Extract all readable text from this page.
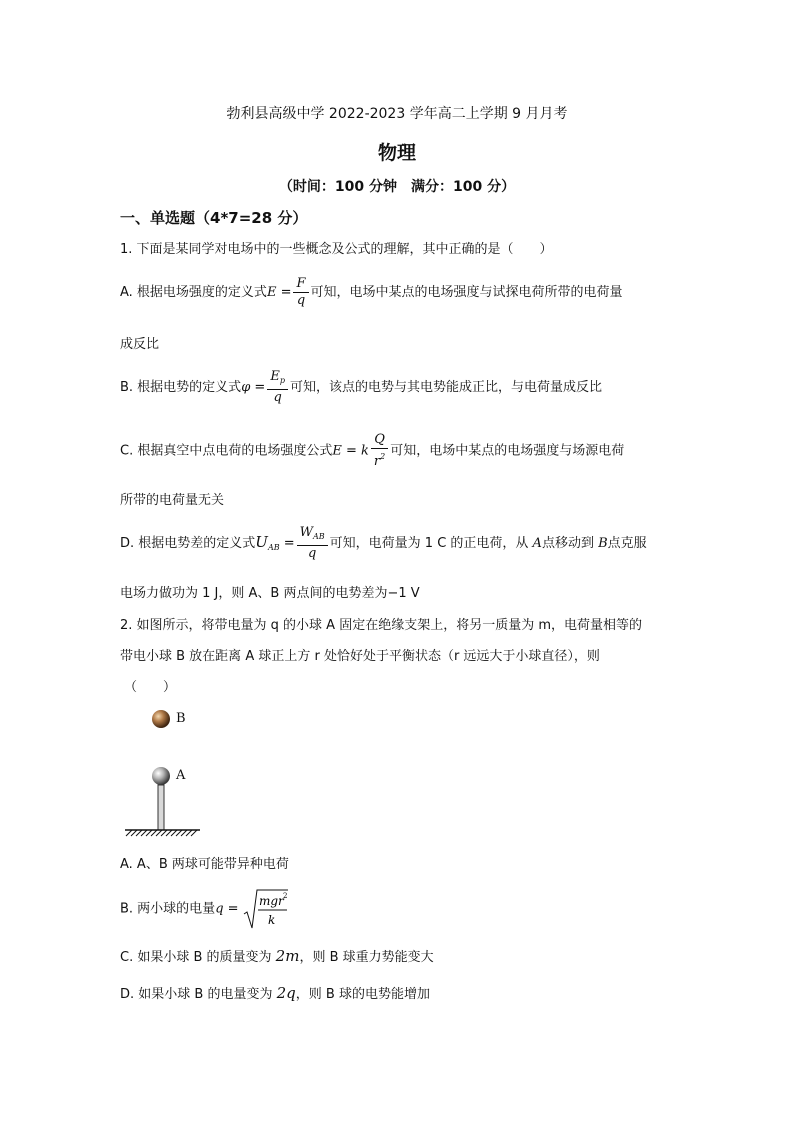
勃利县高级中学 2022-2023 学年高二上学期 9 月月考
物理
（时间：100 分钟　满分：100 分）
一、单选题（4*7=28 分）
1. 下面是某同学对电场中的一些概念及公式的理解，其中正确的是（　　）
A. 根据电场强度的定义式$E = \frac{F}{q}$ 可知，电场中某点的电场强度与试探电荷所带的电荷量
成反比
B. 根据电势的定义式$\varphi = \frac{E_p}{q}$ 可知，该点的电势与其电势能成正比，与电荷量成反比
C. 根据真空中点电荷的电场强度公式E = k $\frac{Q}{r^2}$ 可知，电场中某点的电场强度与场源电荷
所带的电荷量无关
D. 根据电势差的定义式$U_{AB} = \frac{W_{AB}}{q}$ 可知，电荷量为 1 C 的正电荷，从 A点移动到 B点克服
电场力做功为 1 J，则 A、B 两点间的电势差为−1 V
2. 如图所示，将带电量为 q 的小球 A 固定在绝缘支架上，将另一质量为 m，电荷量相等的
带电小球 B 放在距离 A 球正上方 r 处恰好处于平衡状态（r 远远大于小球直径），则
（　　）
B
A
A. A、B 两球可能带异种电荷
B. 两小球的电量q =
mgr 2
k
C. 如果小球 B 的质量变为 2m，则 B 球重力势能变大
D. 如果小球 B 的电量变为 2q，则 B 球的电势能增加
